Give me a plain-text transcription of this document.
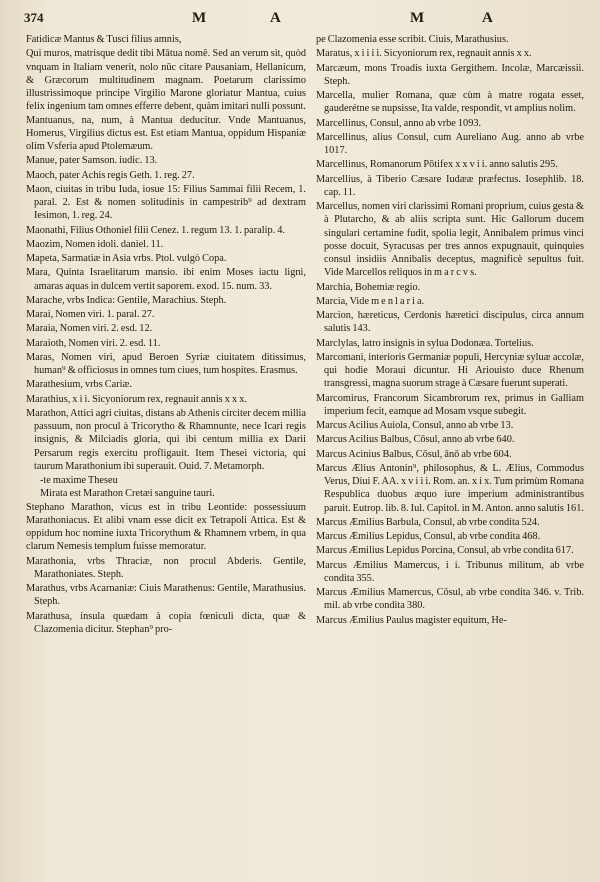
374	M	A	M	A

Fatidicæ Mantus & Tusci filius amnis,

Qui muros, matrisque dedit tibi Mātua nomē. Sed an verum sit, quòd vnquam in Italiam venerit, nolo nūc citare Pausaniam, Hellanicum, & Græcorum multitudinem magnam. Poetarum clarissimo illustrissimoque principe Virgilio Marone gloriatur Mantua, cuius felix ingenium tam omnes efferre debent, quàm imitari nulli possunt. Mantuanus, na, num, à Mantua deducitur. Vnde Mantuanus, Homerus, Virgilius dictus est. Est etiam Mantua, oppidum Hispaniæ olim Vsferia apud Ptolemæum.

Manue, pater Samson. iudic. 13.

Maoch, pater Achis regis Geth. 1. reg. 27.

Maon, ciuitas in tribu Iuda, iosue 15: Filius Sammai filii Recem, 1. paral. 2. Est & nomen solitudinis in campestrib⁹ ad dextram Iesimon, 1. reg. 24.

Maonathi, Filius Othoniel filii Cenez. 1. regum 13. 1. paralip. 4.

Maozim, Nomen idoli. daniel. 11.

Mapeta, Sarmatiæ in Asia vrbs. Ptol. vulgò Copa.

Mara, Quinta Israelitarum mansio. ibi enim Moses iactu ligni, amaras aquas in dulcem vertit saporem. exod. 15. num. 33.

Marache, vrbs Indica: Gentile, Marachius. Steph.

Marai, Nomen viri. 1. paral. 27.

Maraia, Nomen viri. 2. esd. 12.

Maraioth, Nomen viri. 2. esd. 11.

Maras, Nomen viri, apud Beroen Syriæ ciuitatem ditissimus, human⁹ & officiosus in omnes tum ciues, tum hospites. Erasmus.

Marathesium, vrbs Cariæ.

Marathius, x i i. Sicyoniorum rex, regnauit annis x x x.

Marathon, Attici agri ciuitas, distans ab Athenis circiter decem millia passuum, non procul à Tricorytho & Rhamnunte, nece Icari regis insignis, & Milciadis gloria, qui ibi centum millia ex Darii Persarum regis exercitu profligauit. Item Thesei victoria, qui taurum Marathonium ibi superauit. Ouid. 7. Metamorph.

-te maxime Theseu

Mirata est Marathon Cretæi sanguine tauri.

Stephano Marathon, vicus est in tribu Leontide: possessiuum Marathoniacus. Et alibi vnam esse dicit ex Tetrapoli Attica. Est & oppidum hoc nomine iuxta Tricorythum & Rhamnem vrbem, in qua clarum Nemesis templum fuisse memoratur.

Marathonia, vrbs Thraciæ, non procul Abderis. Gentile, Marathoniates. Steph.

Marathus, vrbs Acarnaniæ: Ciuis Marathenus: Gentile, Marathusius. Steph.

Marathusa, insula quædam à copia fœniculi dicta, quæ & Clazomenia dicitur. Stephan⁹ pro-

pe Clazomenia esse scribit. Ciuis, Marathusius.

Maratus, x i i i i. Sicyoniorum rex, regnauit annis x x.

Marcæum, mons Troadis iuxta Gergithem. Incolæ, Marcæissii. Steph.

Marcella, mulier Romana, quæ cùm à matre rogata esset, gauderétne se nupsisse, Ita valde, respondit, vt amplius nolim.

Marcellinus, Consul, anno ab vrbe 1093.

Marcellinus, alius Consul, cum Aureliano Aug. anno ab vrbe 1017.

Marcellinus, Romanorum Pōtifex x x v i i. anno salutis 295.

Marcellius, à Tiberio Cæsare Iudææ præfectus. Iosephlib. 18. cap. 11.

Marcellus, nomen viri clarissimi Romani proprium, cuius gesta & à Plutarcho, & ab aliis scripta sunt. Hic Gallorum ducem singulari certamine fudit, spolia legit, Annibalem primus vinci posse docuit, Syracusas per tres annos expugnauit, quinquies consul insidiis Annibalis deceptus, magnificè sepultus fuit. Vide Marcellos reliquos in m a r c v s.

Marchia, Bohemiæ regio.

Marcia, Vide m e n l a r i a.

Marcion, hæreticus, Cerdonis hæretici discipulus, circa annum salutis 143.

Marclylas, latro insignis in sylua Dodonæa. Tortelius.

Marcomani, interioris Germaniæ populi, Hercyniæ syluæ accolæ, qui hodie Moraui dicuntur. Hi Ariouisto duce Rhenum transgressi, magna suorum strage à Cæsare fuerunt superati.

Marcomirus, Francorum Sicambrorum rex, primus in Galliam imperium fecit, eamque ad Mosam vsque subegit.

Marcus Acilius Auiola, Consul, anno ab vrbe 13.

Marcus Acilius Balbus, Cōsul, anno ab vrbe 640.

Marcus Acinius Balbus, Cōsul, ānō ab vrbe 604.

Marcus Ælius Antonin⁹, philosophus, & L. Ælius, Commodus Verus, Diui F. AA. x v i i i. Rom. an. x i x. Tum primùm Romana Respublica duobus æquo iure imperium administrantibus paruit. Eutrop. lib. 8. Iul. Capitol. in M. Anton. anno salutis 161.

Marcus Æmilius Barbula, Consul, ab vrbe condita 524.

Marcus Æmilius Lepidus, Consul, ab vrbe condita 468.

Marcus Æmilius Lepidus Porcina, Consul, ab vrbe condita 617.

Marcus Æmilius Mamercus, i i. Tribunus militum, ab vrbe condita 355.

Marcus Æmilius Mamercus, Cōsul, ab vrbe condita 346. v. Trib. mil. ab vrbe condita 380.

Marcus Æmilius Paulus magister equitum, He-
